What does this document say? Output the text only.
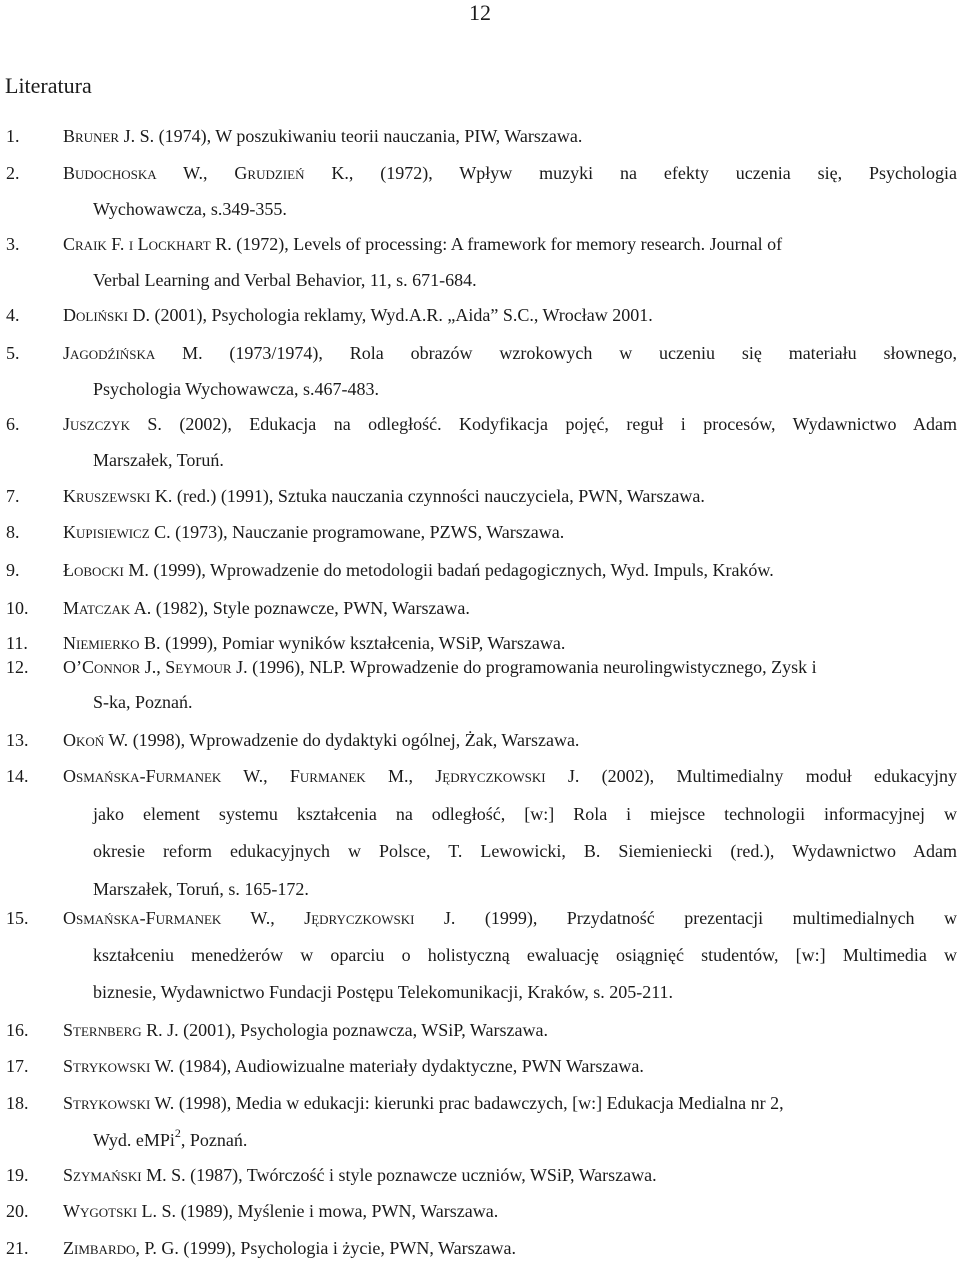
12
Literatura
1. Bruner J. S. (1974), W poszukiwaniu teorii nauczania, PIW, Warszawa.
2. Budochoska W., Grudzień K., (1972), Wpływ muzyki na efekty uczenia się, Psychologia
Wychowawcza, s.349-355.
3. Craik F. i Lockhart R. (1972), Levels of processing: A framework for memory research. Journal of
Verbal Learning and Verbal Behavior, 11, s. 671-684.
4. Doliński D. (2001), Psychologia reklamy, Wyd.A.R. „Aida” S.C., Wrocław 2001.
5. Jagodźińska M. (1973/1974), Rola obrazów wzrokowych w uczeniu się materiału słownego,
Psychologia Wychowawcza, s.467-483.
6. Juszczyk S. (2002), Edukacja na odległość. Kodyfikacja pojęć, reguł i procesów, Wydawnictwo Adam
Marszałek, Toruń.
7. Kruszewski K. (red.) (1991), Sztuka nauczania czynności nauczyciela, PWN, Warszawa.
8. Kupisiewicz C. (1973), Nauczanie programowane, PZWS, Warszawa.
9. Łobocki M. (1999), Wprowadzenie do metodologii badań pedagogicznych, Wyd. Impuls, Kraków.
10. Matczak A. (1982), Style poznawcze, PWN, Warszawa.
11. Niemierko B. (1999), Pomiar wyników kształcenia, WSiP, Warszawa.
12. O’Connor J., Seymour J. (1996), NLP. Wprowadzenie do programowania neurolingwistycznego, Zysk i
S-ka, Poznań.
13. Okoń W. (1998), Wprowadzenie do dydaktyki ogólnej, Żak, Warszawa.
14. Osmańska-Furmanek W., Furmanek M., Jędryczkowski J. (2002), Multimedialny moduł edukacyjny
jako element systemu kształcenia na odległość, [w:] Rola i miejsce technologii informacyjnej w
okresie reform edukacyjnych w Polsce, T. Lewowicki, B. Siemieniecki (red.), Wydawnictwo Adam
Marszałek, Toruń, s. 165-172.
15. Osmańska-Furmanek W., Jędryczkowski J. (1999), Przydatność prezentacji multimedialnych w
kształceniu menedżerów w oparciu o holistyczną ewaluację osiągnięć studentów, [w:] Multimedia w
biznesie, Wydawnictwo Fundacji Postępu Telekomunikacji, Kraków, s. 205-211.
16. Sternberg R. J. (2001), Psychologia poznawcza, WSiP, Warszawa.
17. Strykowski W. (1984), Audiowizualne materiały dydaktyczne, PWN Warszawa.
18. Strykowski W. (1998), Media w edukacji: kierunki prac badawczych, [w:] Edukacja Medialna nr 2,
Wyd. eMPi$^2$, Poznań.
19. Szymański M. S. (1987), Twórczość i style poznawcze uczniów, WSiP, Warszawa.
20. Wygotski L. S. (1989), Myślenie i mowa, PWN, Warszawa.
21. Zimbardo, P. G. (1999), Psychologia i życie, PWN, Warszawa.
